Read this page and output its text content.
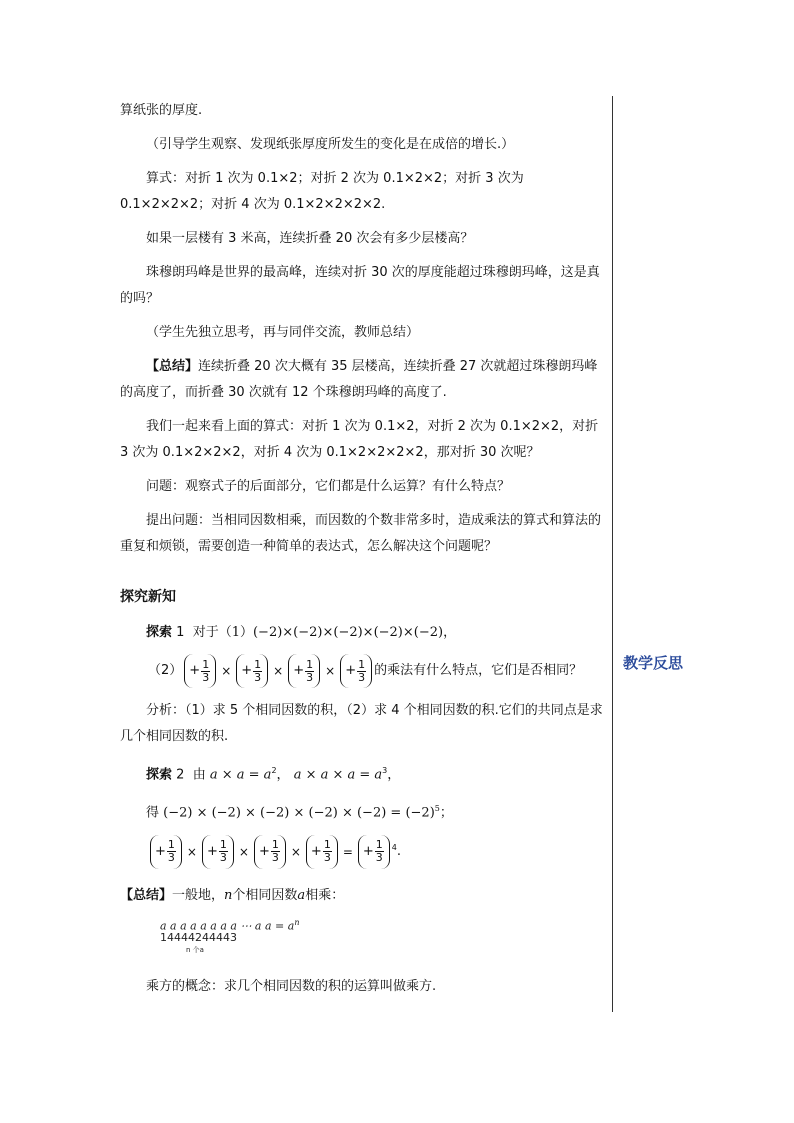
算纸张的厚度.

（引导学生观察、发现纸张厚度所发生的变化是在成倍的增长.）

算式：对折 1 次为 0.1×2；对折 2 次为 0.1×2×2；对折 3 次为 0.1×2×2×2；对折 4 次为 0.1×2×2×2×2.

如果一层楼有 3 米高，连续折叠 20 次会有多少层楼高？

珠穆朗玛峰是世界的最高峰，连续对折 30 次的厚度能超过珠穆朗玛峰，这是真的吗？

（学生先独立思考，再与同伴交流，教师总结）

【总结】连续折叠 20 次大概有 35 层楼高，连续折叠 27 次就超过珠穆朗玛峰的高度了，而折叠 30 次就有 12 个珠穆朗玛峰的高度了.

我们一起来看上面的算式：对折 1 次为 0.1×2，对折 2 次为 0.1×2×2，对折 3 次为 0.1×2×2×2，对折 4 次为 0.1×2×2×2×2，那对折 30 次呢？

问题：观察式子的后面部分，它们都是什么运算？有什么特点？

提出问题：当相同因数相乘，而因数的个数非常多时，造成乘法的算式和算法的重复和烦锁，需要创造一种简单的表达式，怎么解决这个问题呢？

探究新知

探索 1 对于（1）(−2)×(−2)×(−2)×(−2)×(−2)，

$(2) + \frac{1}{3}$ × + $\frac{1}{3}$ × + $\frac{1}{3}$ × + $\frac{1}{3}$ 的乘法有什么特点，它们是否相同？

分析：（1）求 5 个相同因数的积，（2）求 4 个相同因数的积.它们的共同点是求几个相同因数的积.

探索 2 由 $a \times a = a^2$， $a \times a \times a = a^3$，

得 $(-2) \times (-2) \times (-2) \times (-2) \times (-2) = (-2)^5$；

+ $\frac{1}{3}$ × + $\frac{1}{3}$ × + $\frac{1}{3}$ × + $\frac{1}{3}$ = + $\frac{1}{3} 4$ .

【总结】一般地，n个相同因数a相乘：

a a a a a a a a ⋯ a $a = a^n$
14444244443
n 个a

乘方的概念：求几个相同因数的积的运算叫做乘方.

教学反思
